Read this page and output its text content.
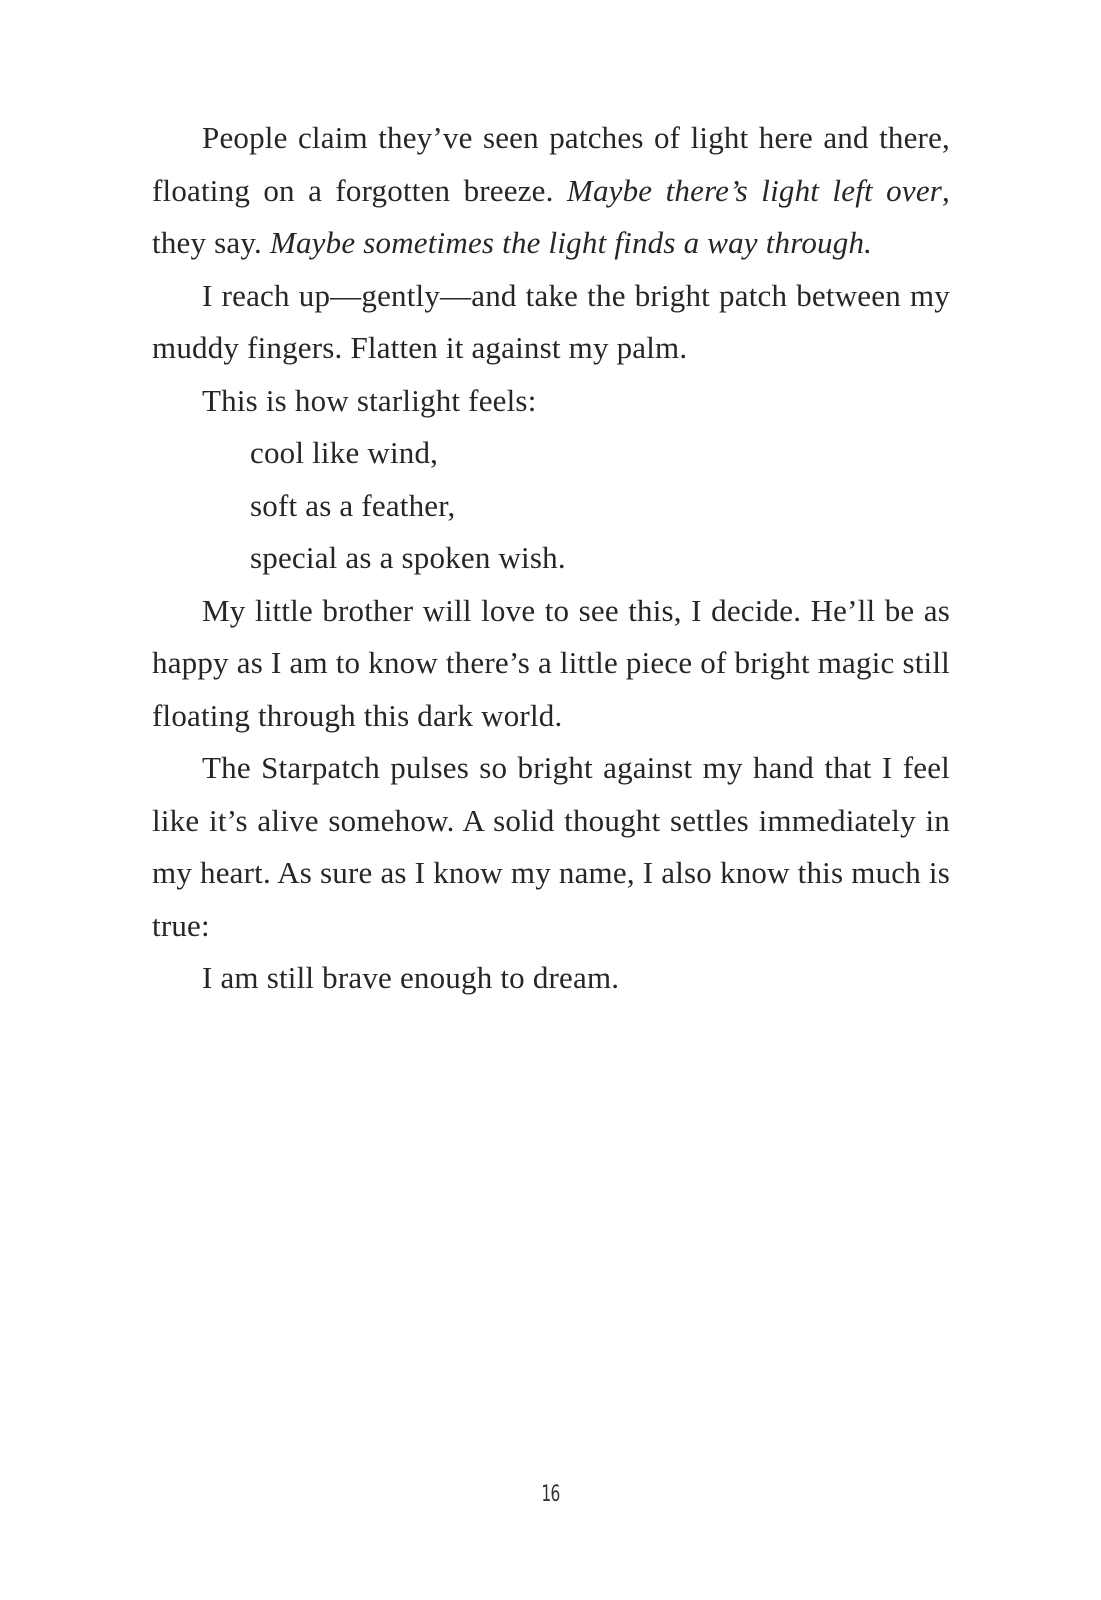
People claim they’ve seen patches of light here and there, floating on a forgotten breeze. Maybe there’s light left over, they say. Maybe sometimes the light finds a way through.

I reach up—gently—and take the bright patch between my muddy fingers. Flatten it against my palm.

This is how starlight feels:

cool like wind,

soft as a feather,

special as a spoken wish.

My little brother will love to see this, I decide. He’ll be as happy as I am to know there’s a little piece of bright magic still floating through this dark world.

The Starpatch pulses so bright against my hand that I feel like it’s alive somehow. A solid thought settles immediately in my heart. As sure as I know my name, I also know this much is true:

I am still brave enough to dream.

16
